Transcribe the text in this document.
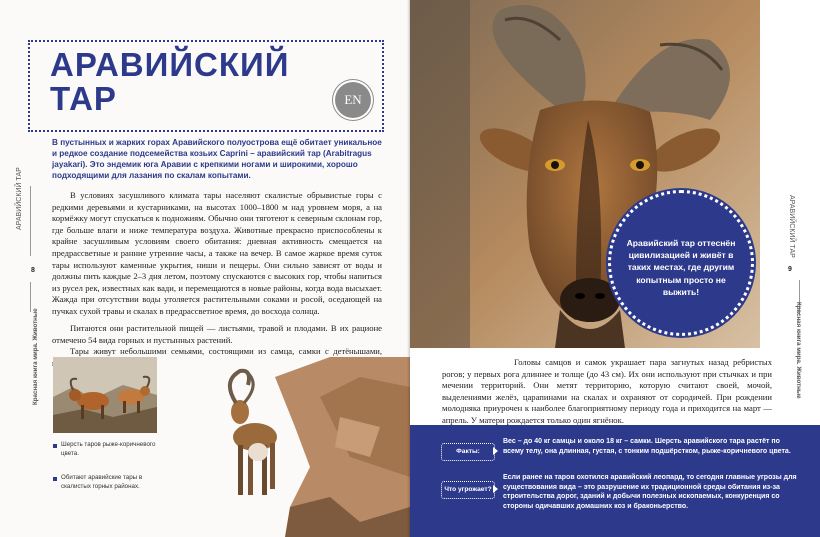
АРАВИЙСКИЙ
ТАР	EN

В пустынных и жарких горах Аравийского полуострова ещё обитает уникальное и редкое создание подсемейства козьих Caprini – аравийский тар (Arabitragus jayakari). Это эндемик юга Аравии с крепкими ногами и широкими, хорошо подходящими для лазания по скалам копытами.

В условиях засушливого климата тары населяют скалистые обрывистые горы с редкими деревьями и кустарниками, на высотах 1000–1800 м над уровнем моря, а на кормёжку могут спускаться к подножиям. Обычно они тяготеют к северным склонам гор, где больше влаги и ниже температура воздуха. Животные прекрасно приспособлены к крайне засушливым условиям своего обитания: дневная активность смещается на предрассветные и ранние утренние часы, а также на вечер. В самое жаркое время суток тары используют каменные укрытия, ниши и пещеры. Они сильно зависят от воды и должны пить каждые 2–3 дня летом, поэтому спускаются с высоких гор, чтобы напиться из русел рек, известных как вади, и перемещаются в новые районы, когда вода высыхает. Жажда при отсутствии воды утоляется растительными соками и росой, оседающей на пучках сухой травы и скалах в предрассветное время, до восхода солнца.

Питаются они растительной пищей — листьями, травой и плодами. В их рационе отмечено 54 вида горных и пустынных растений.

Тары живут небольшими семьями, состоящими из самца, самки с детёнышами,

АРАВИЙСКИЙ ТАР
8
Красная книга мира. Животные
Шерсть таров рыже-коричневого цвета.
Обитают аравийские тары в скалистых горных районах.
Аравийский тар оттеснён цивилизацией и живёт в таких местах, где другим копытным просто не выжить!
АРАВИЙСКИЙ ТАР
9
Красная книга мира. Животные

Головы самцов и самок украшает пара загнутых назад ребристых рогов; у первых рога длиннее и толще (до 43 см). Их они используют при стычках и при мечении территорий. Они метят территорию, которую считают своей, мочой, выделениями желёз, царапинами на скалах и охраняют от сородичей. При рождении молодняка приурочен к наиболее благоприятному периоду года и приходится на март — апрель. У матери рождается только один ягнёнок.

Факты:
Вес – до 40 кг самцы и около 18 кг – самки. Шерсть аравийского тара растёт по всему телу, она длинная, густая, с тонким подшёрстком, рыже-коричневого цвета.
Что угрожает?
Если ранее на таров охотился аравийский леопард, то сегодня главные угрозы для существования вида – это разрушение их традиционной среды обитания из-за строительства дорог, зданий и добычи полезных ископаемых, конкуренция со стороны одичавших домашних коз и браконьерство.
